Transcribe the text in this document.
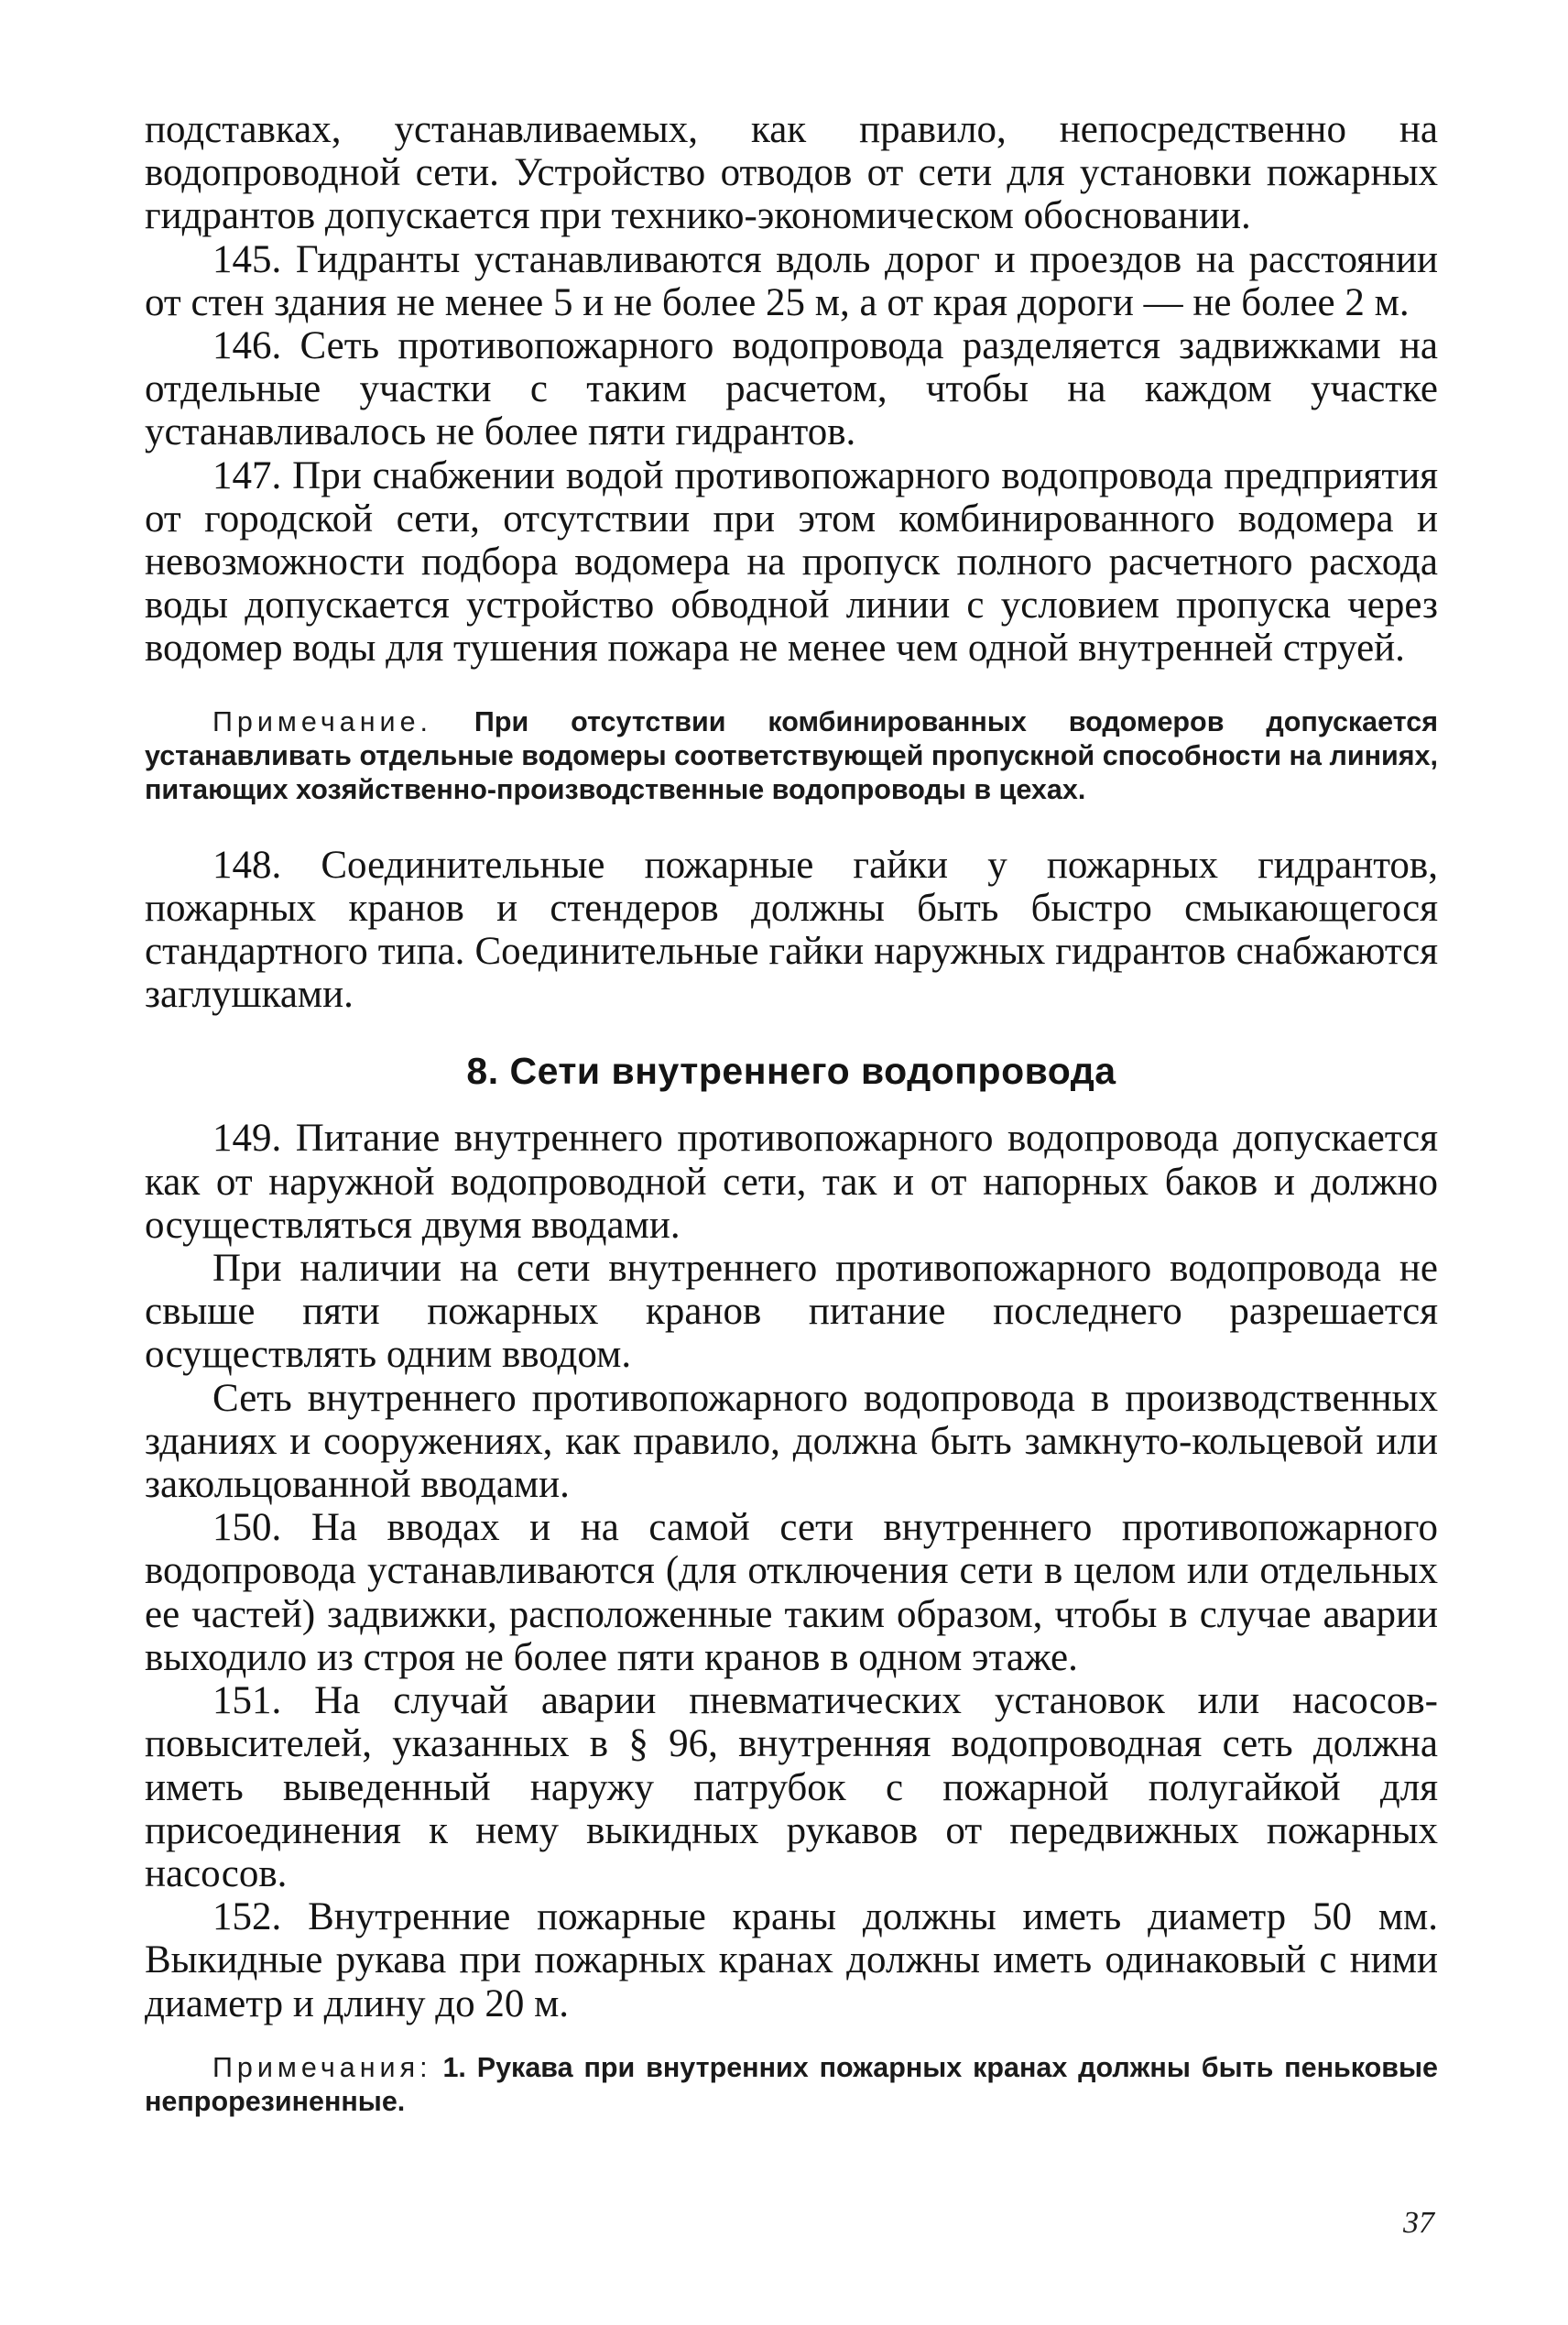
подставках, устанавливаемых, как правило, непосредственно на водопроводной сети. Устройство отводов от сети для установки пожарных гидрантов допускается при технико-экономическом обосновании.

145. Гидранты устанавливаются вдоль дорог и проездов на расстоянии от стен здания не менее 5 и не более 25 м, а от края дороги — не более 2 м.

146. Сеть противопожарного водопровода разделяется задвижками на отдельные участки с таким расчетом, чтобы на каждом участке устанавливалось не более пяти гидрантов.

147. При снабжении водой противопожарного водопровода предприятия от городской сети, отсутствии при этом комбинированного водомера и невозможности подбора водомера на пропуск полного расчетного расхода воды допускается устройство обводной линии с условием пропуска через водомер воды для тушения пожара не менее чем одной внутренней струей.

Примечание. При отсутствии комбинированных водомеров допускается устанавливать отдельные водомеры соответствующей пропускной способности на линиях, питающих хозяйственно-производственные водопроводы в цехах.

148. Соединительные пожарные гайки у пожарных гидрантов, пожарных кранов и стендеров должны быть быстро смыкающегося стандартного типа. Соединительные гайки наружных гидрантов снабжаются заглушками.

8. Сети внутреннего водопровода

149. Питание внутреннего противопожарного водопровода допускается как от наружной водопроводной сети, так и от напорных баков и должно осуществляться двумя вводами.

При наличии на сети внутреннего противопожарного водопровода не свыше пяти пожарных кранов питание последнего разрешается осуществлять одним вводом.

Сеть внутреннего противопожарного водопровода в производственных зданиях и сооружениях, как правило, должна быть замкнуто-кольцевой или закольцованной вводами.

150. На вводах и на самой сети внутреннего противопожарного водопровода устанавливаются (для отключения сети в целом или отдельных ее частей) задвижки, расположенные таким образом, чтобы в случае аварии выходило из строя не более пяти кранов в одном этаже.

151. На случай аварии пневматических установок или насосов-повысителей, указанных в § 96, внутренняя водопроводная сеть должна иметь выведенный наружу патрубок с пожарной полугайкой для присоединения к нему выкидных рукавов от передвижных пожарных насосов.

152. Внутренние пожарные краны должны иметь диаметр 50 мм. Выкидные рукава при пожарных кранах должны иметь одинаковый с ними диаметр и длину до 20 м.

Примечания: 1. Рукава при внутренних пожарных кранах должны быть пеньковые непрорезиненные.
37
